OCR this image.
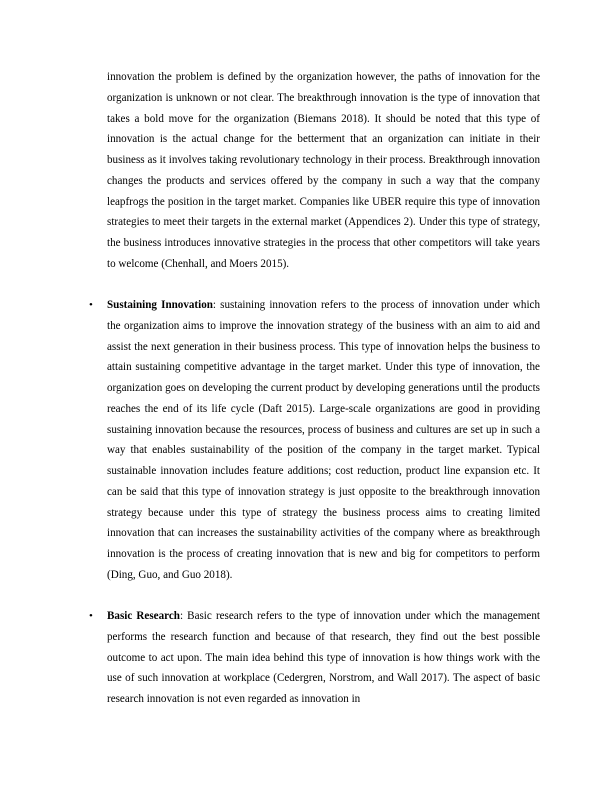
innovation the problem is defined by the organization however, the paths of innovation for the organization is unknown or not clear. The breakthrough innovation is the type of innovation that takes a bold move for the organization (Biemans 2018). It should be noted that this type of innovation is the actual change for the betterment that an organization can initiate in their business as it involves taking revolutionary technology in their process. Breakthrough innovation changes the products and services offered by the company in such a way that the company leapfrogs the position in the target market. Companies like UBER require this type of innovation strategies to meet their targets in the external market (Appendices 2). Under this type of strategy, the business introduces innovative strategies in the process that other competitors will take years to welcome (Chenhall, and Moers 2015).

• Sustaining Innovation: sustaining innovation refers to the process of innovation under which the organization aims to improve the innovation strategy of the business with an aim to aid and assist the next generation in their business process. This type of innovation helps the business to attain sustaining competitive advantage in the target market. Under this type of innovation, the organization goes on developing the current product by developing generations until the products reaches the end of its life cycle (Daft 2015). Large-scale organizations are good in providing sustaining innovation because the resources, process of business and cultures are set up in such a way that enables sustainability of the position of the company in the target market. Typical sustainable innovation includes feature additions; cost reduction, product line expansion etc. It can be said that this type of innovation strategy is just opposite to the breakthrough innovation strategy because under this type of strategy the business process aims to creating limited innovation that can increases the sustainability activities of the company where as breakthrough innovation is the process of creating innovation that is new and big for competitors to perform (Ding, Guo, and Guo 2018).
• Basic Research: Basic research refers to the type of innovation under which the management performs the research function and because of that research, they find out the best possible outcome to act upon. The main idea behind this type of innovation is how things work with the use of such innovation at workplace (Cedergren, Norstrom, and Wall 2017). The aspect of basic research innovation is not even regarded as innovation in
